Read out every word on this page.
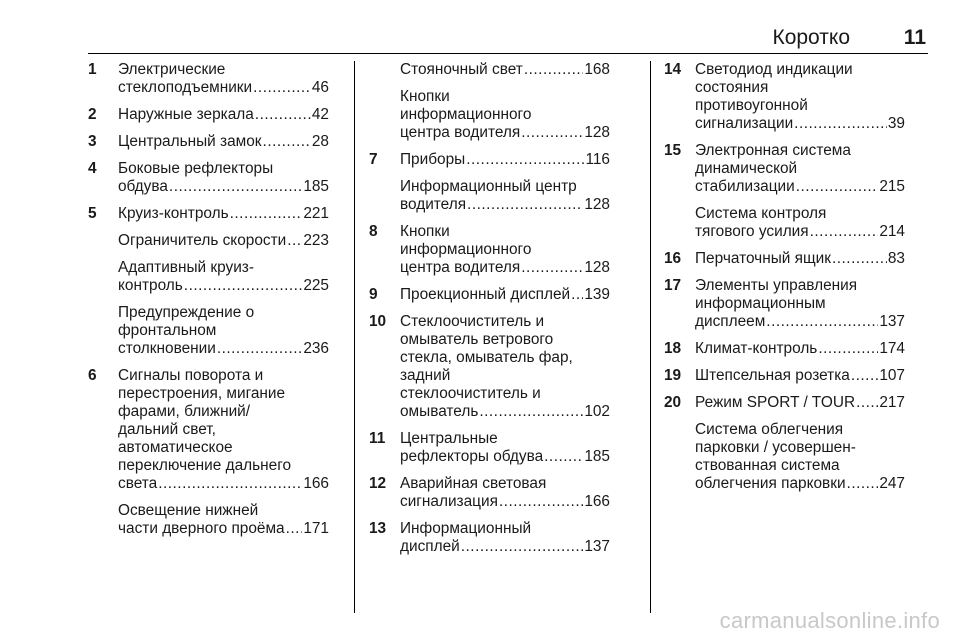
Коротко	11
1	Электрические
стеклоподъемники .....	46
2	Наружные зеркала .....	42
3	Центральный замок .....	28
4	Боковые рефлекторы
обдува .....	185
5	Круиз-контроль .....	221
Ограничитель скорости ..... 223
Адаптивный круиз-
контроль .....	225
Предупреждение о
фронтальном
столкновении .....	236
6	Сигналы поворота и
перестроения, мигание
фарами, ближний/
дальний свет,
автоматическое
переключение дальнего
света .....	166
Освещение нижней
части дверного проёма ..... 171
Стояночный свет .....	168
Кнопки
информационного
центра водителя .....	128
7	Приборы .....	116
Информационный центр
водителя .....	128
8	Кнопки
информационного
центра водителя .....	128
9	Проекционный дисплей ..... 139
10 Стеклоочиститель и
омыватель ветрового
стекла, омыватель фар,
задний
стеклоочиститель и
омыватель .....	102
11 Центральные
рефлекторы обдува .....	185
12 Аварийная световая
сигнализация .....	166
13 Информационный
дисплей .....	137
14 Светодиод индикации
состояния
противоугонной
сигнализации .....	39
15 Электронная система
динамической
стабилизации .....	215
Система контроля
тягового усилия .....	214
16 Перчаточный ящик .....	83
17 Элементы управления
информационным
дисплеем .....	137
18 Климат-контроль .....	174
19 Штепсельная розетка ..... 107
20 Режим SPORT / TOUR ..... 217
Система облегчения
парковки / усовершен-
ствованная система
облегчения парковки ..... 247
carmanualsonline.info
